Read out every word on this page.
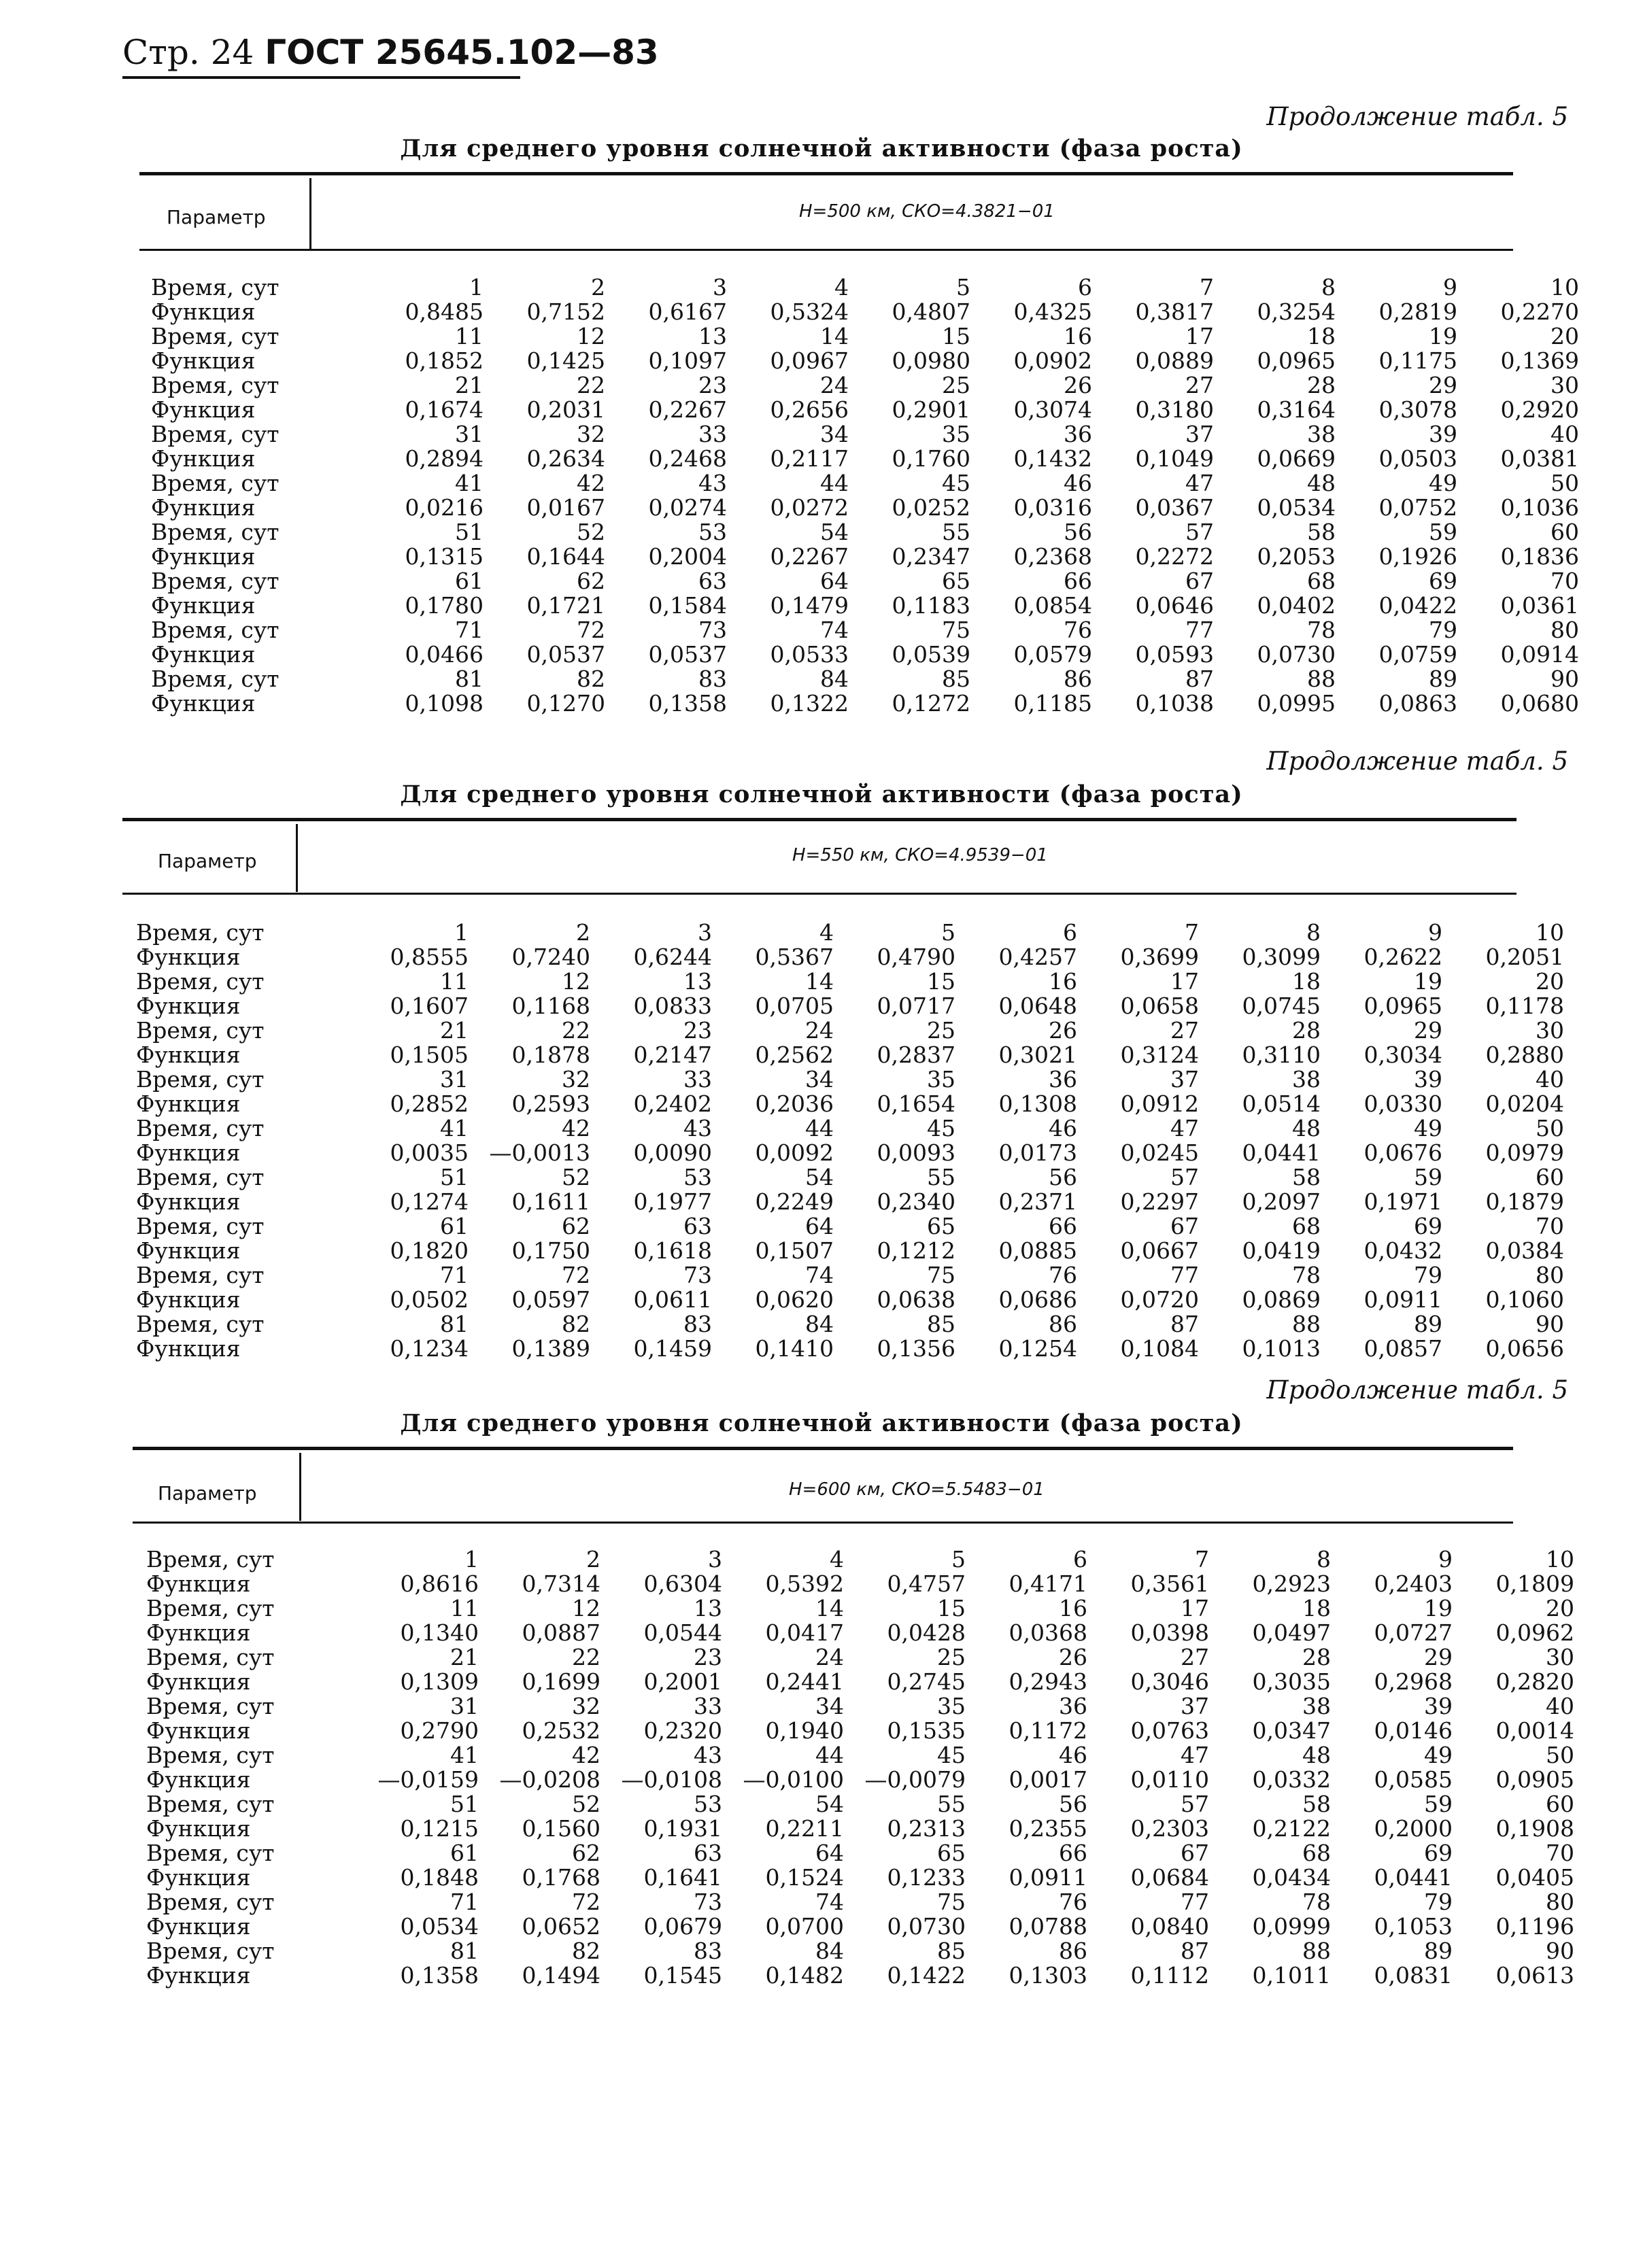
Стр. 24 ГОСТ 25645.102—83
Продолжение табл. 5
Для среднего уровня солнечной активности (фаза роста)
Параметр	H=500 км, СКО=4.3821−01
Время, сут	1	2	3	4	5	6	7	8	9	10
Функция	0,8485	0,7152	0,6167	0,5324	0,4807	0,4325	0,3817	0,3254	0,2819	0,2270
Время, сут	11	12	13	14	15	16	17	18	19	20
Функция	0,1852	0,1425	0,1097	0,0967	0,0980	0,0902	0,0889	0,0965	0,1175	0,1369
Время, сут	21	22	23	24	25	26	27	28	29	30
Функция	0,1674	0,2031	0,2267	0,2656	0,2901	0,3074	0,3180	0,3164	0,3078	0,2920
Время, сут	31	32	33	34	35	36	37	38	39	40
Функция	0,2894	0,2634	0,2468	0,2117	0,1760	0,1432	0,1049	0,0669	0,0503	0,0381
Время, сут	41	42	43	44	45	46	47	48	49	50
Функция	0,0216	0,0167	0,0274	0,0272	0,0252	0,0316	0,0367	0,0534	0,0752	0,1036
Время, сут	51	52	53	54	55	56	57	58	59	60
Функция	0,1315	0,1644	0,2004	0,2267	0,2347	0,2368	0,2272	0,2053	0,1926	0,1836
Время, сут	61	62	63	64	65	66	67	68	69	70
Функция	0,1780	0,1721	0,1584	0,1479	0,1183	0,0854	0,0646	0,0402	0,0422	0,0361
Время, сут	71	72	73	74	75	76	77	78	79	80
Функция	0,0466	0,0537	0,0537	0,0533	0,0539	0,0579	0,0593	0,0730	0,0759	0,0914
Время, сут	81	82	83	84	85	86	87	88	89	90
Функция	0,1098	0,1270	0,1358	0,1322	0,1272	0,1185	0,1038	0,0995	0,0863	0,0680
Продолжение табл. 5
Для среднего уровня солнечной активности (фаза роста)
Параметр	H=550 км, СКО=4.9539−01
Время, сут	1	2	3	4	5	6	7	8	9	10
Функция	0,8555	0,7240	0,6244	0,5367	0,4790	0,4257	0,3699	0,3099	0,2622	0,2051
Время, сут	11	12	13	14	15	16	17	18	19	20
Функция	0,1607	0,1168	0,0833	0,0705	0,0717	0,0648	0,0658	0,0745	0,0965	0,1178
Время, сут	21	22	23	24	25	26	27	28	29	30
Функция	0,1505	0,1878	0,2147	0,2562	0,2837	0,3021	0,3124	0,3110	0,3034	0,2880
Время, сут	31	32	33	34	35	36	37	38	39	40
Функция	0,2852	0,2593	0,2402	0,2036	0,1654	0,1308	0,0912	0,0514	0,0330	0,0204
Время, сут	41	42	43	44	45	46	47	48	49	50
Функция	0,0035	—0,0013	0,0090	0,0092	0,0093	0,0173	0,0245	0,0441	0,0676	0,0979
Время, сут	51	52	53	54	55	56	57	58	59	60
Функция	0,1274	0,1611	0,1977	0,2249	0,2340	0,2371	0,2297	0,2097	0,1971	0,1879
Время, сут	61	62	63	64	65	66	67	68	69	70
Функция	0,1820	0,1750	0,1618	0,1507	0,1212	0,0885	0,0667	0,0419	0,0432	0,0384
Время, сут	71	72	73	74	75	76	77	78	79	80
Функция	0,0502	0,0597	0,0611	0,0620	0,0638	0,0686	0,0720	0,0869	0,0911	0,1060
Время, сут	81	82	83	84	85	86	87	88	89	90
Функция	0,1234	0,1389	0,1459	0,1410	0,1356	0,1254	0,1084	0,1013	0,0857	0,0656
Продолжение табл. 5
Для среднего уровня солнечной активности (фаза роста)
Параметр	H=600 км, СКО=5.5483−01
Время, сут	1	2	3	4	5	6	7	8	9	10
Функция	0,8616	0,7314	0,6304	0,5392	0,4757	0,4171	0,3561	0,2923	0,2403	0,1809
Время, сут	11	12	13	14	15	16	17	18	19	20
Функция	0,1340	0,0887	0,0544	0,0417	0,0428	0,0368	0,0398	0,0497	0,0727	0,0962
Время, сут	21	22	23	24	25	26	27	28	29	30
Функция	0,1309	0,1699	0,2001	0,2441	0,2745	0,2943	0,3046	0,3035	0,2968	0,2820
Время, сут	31	32	33	34	35	36	37	38	39	40
Функция	0,2790	0,2532	0,2320	0,1940	0,1535	0,1172	0,0763	0,0347	0,0146	0,0014
Время, сут	41	42	43	44	45	46	47	48	49	50
Функция	—0,0159	—0,0208	—0,0108	—0,0100	—0,0079	0,0017	0,0110	0,0332	0,0585	0,0905
Время, сут	51	52	53	54	55	56	57	58	59	60
Функция	0,1215	0,1560	0,1931	0,2211	0,2313	0,2355	0,2303	0,2122	0,2000	0,1908
Время, сут	61	62	63	64	65	66	67	68	69	70
Функция	0,1848	0,1768	0,1641	0,1524	0,1233	0,0911	0,0684	0,0434	0,0441	0,0405
Время, сут	71	72	73	74	75	76	77	78	79	80
Функция	0,0534	0,0652	0,0679	0,0700	0,0730	0,0788	0,0840	0,0999	0,1053	0,1196
Время, сут	81	82	83	84	85	86	87	88	89	90
Функция	0,1358	0,1494	0,1545	0,1482	0,1422	0,1303	0,1112	0,1011	0,0831	0,0613
